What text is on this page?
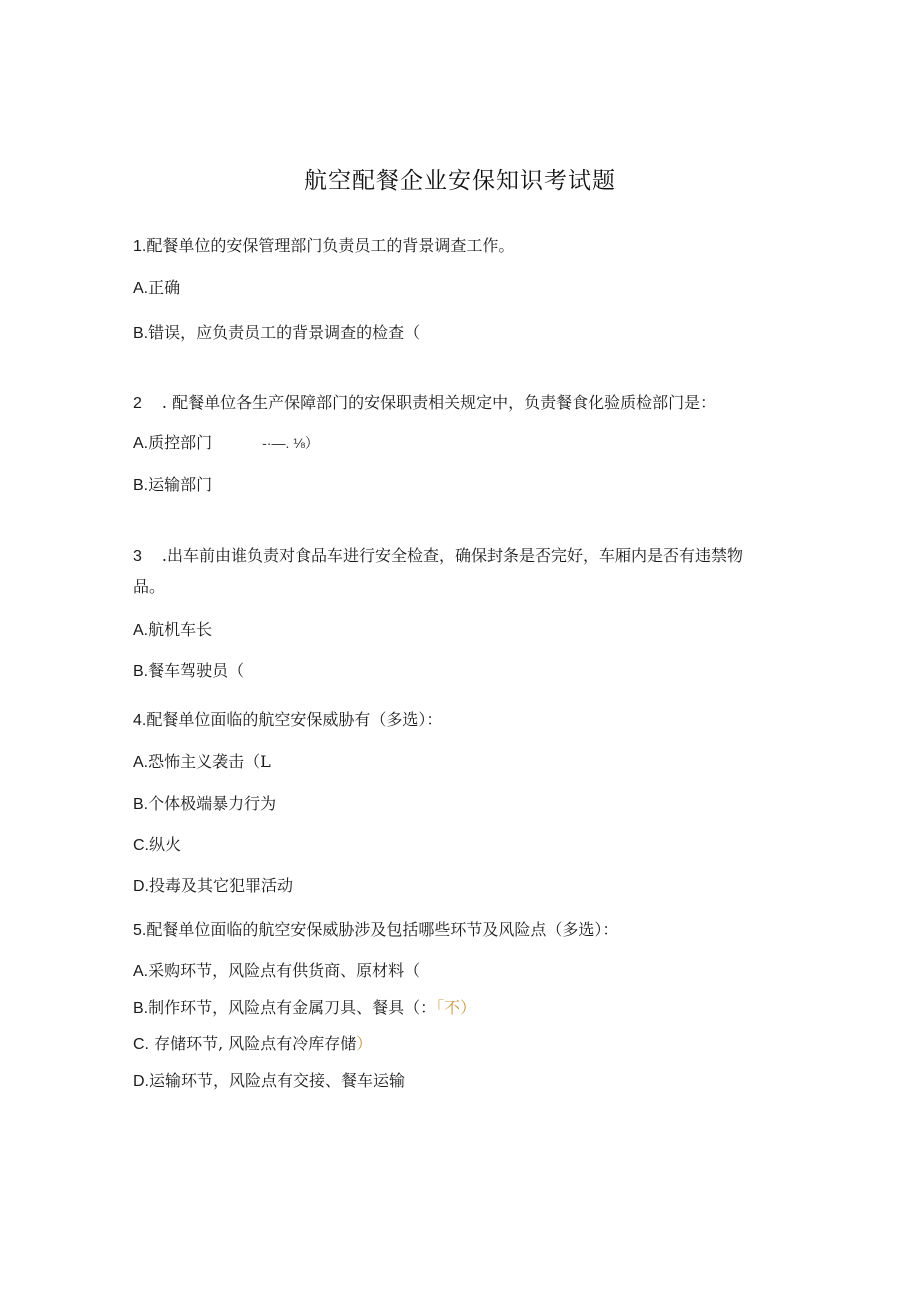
航空配餐企业安保知识考试题
1.配餐单位的安保管理部门负责员工的背景调查工作。
A.正确
B.错误，应负责员工的背景调查的检查（
2 . 配餐单位各生产保障部门的安保职责相关规定中，负责餐食化验质检部门是：
A.质控部门	-·—. ⅛）
B.运输部门
3 .出车前由谁负责对食品车进行安全检查，确保封条是否完好，车厢内是否有违禁物
品。
A.航机车长
B.餐车驾驶员（
4.配餐单位面临的航空安保威胁有（多选）：
A.恐怖主义袭击（L
B.个体极端暴力行为
C.纵火
D.投毒及其它犯罪活动
5.配餐单位面临的航空安保威胁涉及包括哪些环节及风险点（多选）：
A.采购环节，风险点有供货商、原材料（
B.制作环节，风险点有金属刀具、餐具（：「不）
C. 存储环节, 风险点有冷库存储）
D.运输环节，风险点有交接、餐车运输
